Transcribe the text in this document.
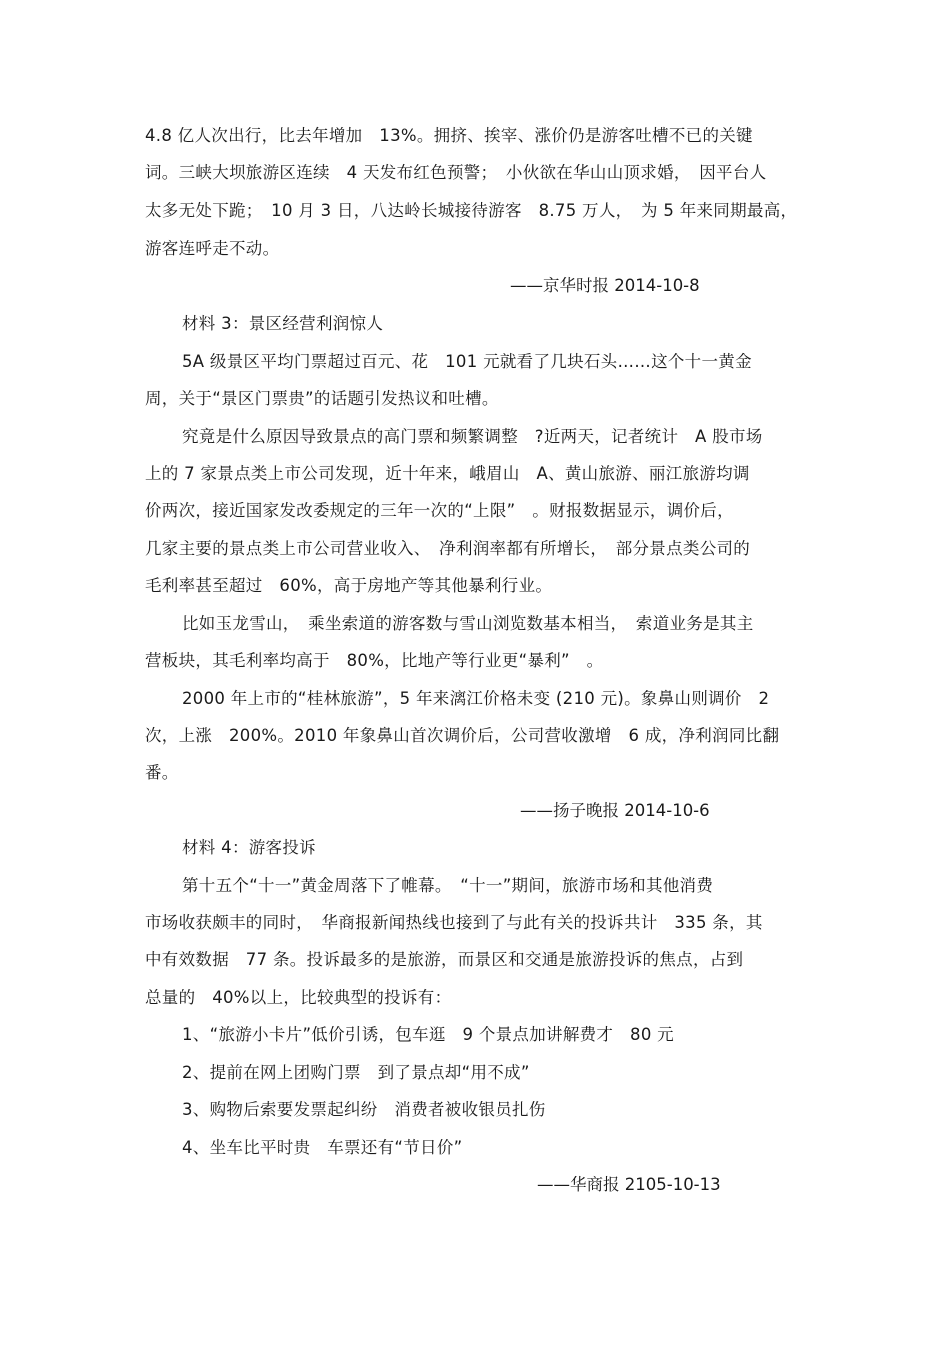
4.8 亿人次出行，比去年增加　13%。拥挤、挨宰、涨价仍是游客吐槽不已的关键
词。三峡大坝旅游区连续　4 天发布红色预警；　小伙欲在华山山顶求婚，　因平台人
太多无处下跪；　10 月 3 日，八达岭长城接待游客　8.75 万人，　为 5 年来同期最高，
游客连呼走不动。
——京华时报 2014-10-8
材料 3：景区经营利润惊人
5A 级景区平均门票超过百元、花　101 元就看了几块石头……这个十一黄金
周，关于“景区门票贵”的话题引发热议和吐槽。
究竟是什么原因导致景点的高门票和频繁调整　?近两天，记者统计　A 股市场
上的 7 家景点类上市公司发现，近十年来，峨眉山　A、黄山旅游、丽江旅游均调
价两次，接近国家发改委规定的三年一次的“上限”　。财报数据显示，调价后，
几家主要的景点类上市公司营业收入、　净利润率都有所增长，　部分景点类公司的
毛利率甚至超过　60%，高于房地产等其他暴利行业。
比如玉龙雪山，　乘坐索道的游客数与雪山浏览数基本相当，　索道业务是其主
营板块，其毛利率均高于　80%，比地产等行业更“暴利”　。
2000 年上市的“桂林旅游”，5 年来漓江价格未变 (210 元)。象鼻山则调价　2
次，上涨　200%。2010 年象鼻山首次调价后，公司营收激增　6 成，净利润同比翻
番。
——扬子晚报 2014-10-6
材料 4：游客投诉
第十五个“十一”黄金周落下了帷幕。　“十一”期间，旅游市场和其他消费
市场收获颇丰的同时，　华商报新闻热线也接到了与此有关的投诉共计　335 条，其
中有效数据　77 条。投诉最多的是旅游，而景区和交通是旅游投诉的焦点，占到
总量的　40%以上，比较典型的投诉有：
1、“旅游小卡片”低价引诱，包车逛　9 个景点加讲解费才　80 元
2、提前在网上团购门票　到了景点却“用不成”
3、购物后索要发票起纠纷　消费者被收银员扎伤
4、坐车比平时贵　车票还有“节日价”
——华商报 2105-10-13
